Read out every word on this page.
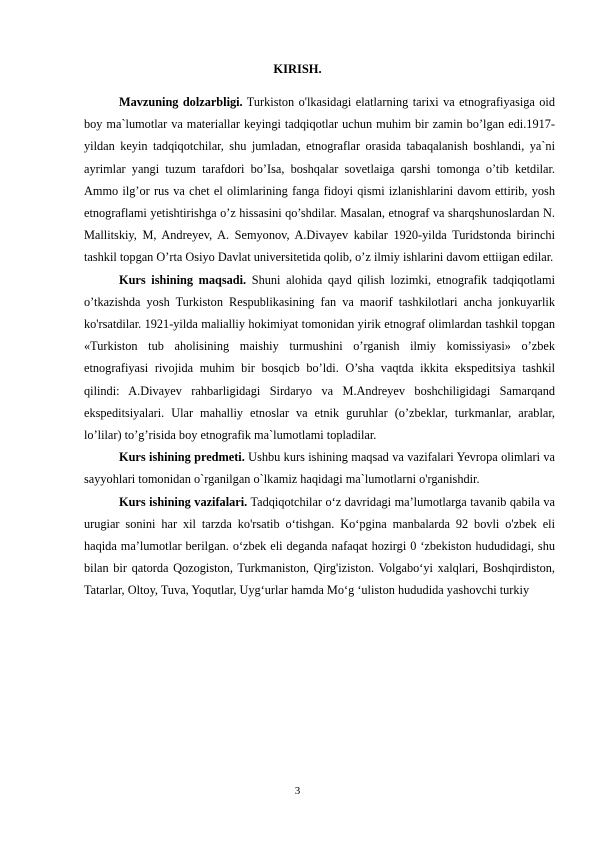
KIRISH.

Mavzuning dolzarbligi. Turkiston o'lkasidagi elatlarning tarixi va etnografiyasiga oid boy ma`lumotlar va materiallar keyingi tadqiqotlar uchun muhim bir zamin bo’lgan edi.1917-yildan keyin tadqiqotchilar, shu jumladan, etnograflar orasida tabaqalanish boshlandi, ya`ni ayrimlar yangi tuzum tarafdori bo’Isa, boshqalar sovetlaiga qarshi tomonga o’tib ketdilar. Ammo ilg’or rus va chet el olimlarining fanga fidoyi qismi izlanishlarini davom ettirib, yosh etnograflami yetishtirishga o’z hissasini qo’shdilar. Masalan, etnograf va sharqshunoslardan N. Mallitskiy, M, Andreyev, A. Semyonov, A.Divayev kabilar 1920-yilda Turidstonda birinchi tashkil topgan O’rta Osiyo Davlat universitetida qolib, o’z ilmiy ishlarini davom ettiigan edilar.

Kurs ishining maqsadi. Shuni alohida qayd qilish lozimki, etnografik tadqiqotlami o’tkazishda yosh Turkiston Respublikasining fan va maorif tashkilotlari ancha jonkuyarlik ko'rsatdilar. 1921-yilda malialliy hokimiyat tomonidan yirik etnograf olimlardan tashkil topgan «Turkiston tub aholisining maishiy turmushini o’rganish ilmiy komissiyasi» o’zbek etnografiyasi rivojida muhim bir bosqicb bo’ldi. O’sha vaqtda ikkita ekspeditsiya tashkil qilindi: A.Divayev rahbarligidagi Sirdaryo va M.Andreyev boshchiligidagi Samarqand ekspeditsiyalari. Ular mahalliy etnoslar va etnik guruhlar (o’zbeklar, turkmanlar, arablar, lo’lilar) to’g’risida boy etnografik ma`lumotlami topladilar.

Kurs ishining predmeti. Ushbu kurs ishining maqsad va vazifalari Yevropa olimlari va sayyohlari tomonidan o`rganilgan o`lkamiz haqidagi ma`lumotlarni o'rganishdir.

Kurs ishining vazifalari. Tadqiqotchilar o‘z davridagi ma’lumotlarga tavanib qabila va urugiar sonini har xil tarzda ko'rsatib o‘tishgan. Ko‘pgina manbalarda 92 bovli o'zbek eli haqida ma’lumotlar berilgan. o‘zbek eli deganda nafaqat hozirgi 0 ‘zbekiston hududidagi, shu bilan bir qatorda Qozogiston, Turkmaniston, Qirg'iziston. Volgabo‘yi xalqlari, Boshqirdiston, Tatarlar, Oltoy, Tuva, Yoqutlar, Uyg‘urlar hamda Mo‘g ‘uliston hududida yashovchi turkiy

3
